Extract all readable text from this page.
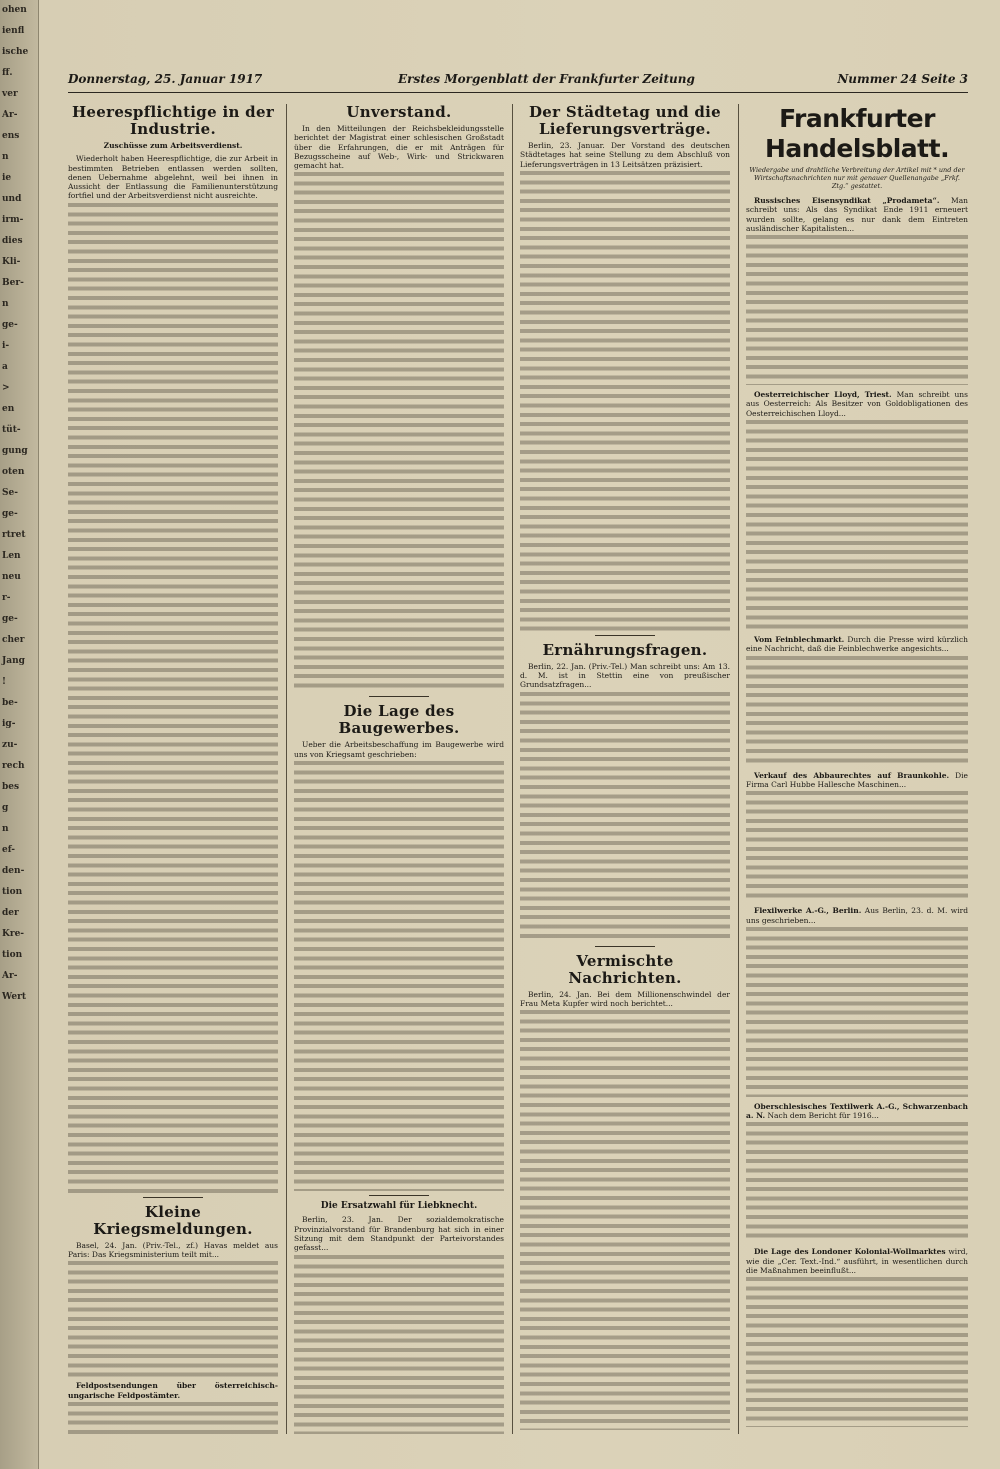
ohen
ienfl
ische
ff.
ver
Ar-
ens
n
ie
und
irm-
dies
Kli-
Ber-
n
ge-
i-
a
>
en
tüt-
gung
oten
Se-
ge-
rtret
Len
neu
r-
ge-
cher
Jang
!
be-
ig-
zu-
rech
bes
g
n
ef-
den-
tion
der
Kre-
tion
Ar-
Wert
Donnerstag, 25. Januar 1917	Erstes Morgenblatt der Frankfurter Zeitung	Nummer 24 Seite 3
Heerespflichtige in der Industrie.
Zuschüsse zum Arbeitsverdienst.

Wiederholt haben Heerespflichtige, die zur Arbeit in bestimmten Betrieben entlassen werden sollten, denen Uebernahme abgelehnt, weil bei ihnen in Aussicht der Entlassung die Familienunterstützung fortfiel und der Arbeitsverdienst nicht ausreichte.

Kleine Kriegsmeldungen.

Basel, 24. Jan. (Priv.-Tel., zf.) Havas meldet aus Paris: Das Kriegsministerium teilt mit...

Feldpostsendungen über österreichisch-ungarische Feldpostämter.

Unverstand.

In den Mitteilungen der Reichsbekleidungsstelle berichtet der Magistrat einer schlesischen Großstadt über die Erfahrungen, die er mit Anträgen für Bezugsscheine auf Web-, Wirk- und Strickwaren gemacht hat.

Die Lage des Baugewerbes.

Ueber die Arbeitsbeschaffung im Baugewerbe wird uns von Kriegsamt geschrieben:

Die Ersatzwahl für Liebknecht.

Berlin, 23. Jan. Der sozialdemokratische Provinzialvorstand für Brandenburg hat sich in einer Sitzung mit dem Standpunkt der Parteivorstandes gefasst...

Der Städtetag und die Lieferungsverträge.

Berlin, 23. Januar. Der Vorstand des deutschen Städtetages hat seine Stellung zu dem Abschluß von Lieferungsverträgen in 13 Leitsätzen präzisiert.

Ernährungsfragen.

Berlin, 22. Jan. (Priv.-Tel.) Man schreibt uns: Am 13. d. M. ist in Stettin eine von preußischer Grundsatzfragen...

Vermischte Nachrichten.

Berlin, 24. Jan. Bei dem Millionenschwindel der Frau Meta Kupfer wird noch berichtet...

Frankfurter Handelsblatt.
Wiedergabe und drahtliche Verbreitung der Artikel mit * und der Wirtschaftsnachrichten nur mit genauer Quellenangabe „Frkf. Ztg.“ gestattet.

Russisches Eisensyndikat „Prodameta“. Man schreibt uns: Als das Syndikat Ende 1911 erneuert wurden sollte, gelang es nur dank dem Eintreten ausländischer Kapitalisten...

Oesterreichischer Lloyd, Triest. Man schreibt uns aus Oesterreich: Als Besitzer von Goldobligationen des Oesterreichischen Lloyd...

Vom Feinblechmarkt. Durch die Presse wird kürzlich eine Nachricht, daß die Feinblechwerke angesichts...

Verkauf des Abbaurechtes auf Braunkohle. Die Firma Carl Hubbe Hallesche Maschinen...

Flexilwerke A.-G., Berlin. Aus Berlin, 23. d. M. wird uns geschrieben...

Oberschlesisches Textilwerk A.-G., Schwarzenbach a. N. Nach dem Bericht für 1916...

Die Lage des Londoner Kolonial-Wollmarktes wird, wie die „Cer. Text.-Ind.“ ausführt, in wesentlichen durch die Maßnahmen beeinflußt...
